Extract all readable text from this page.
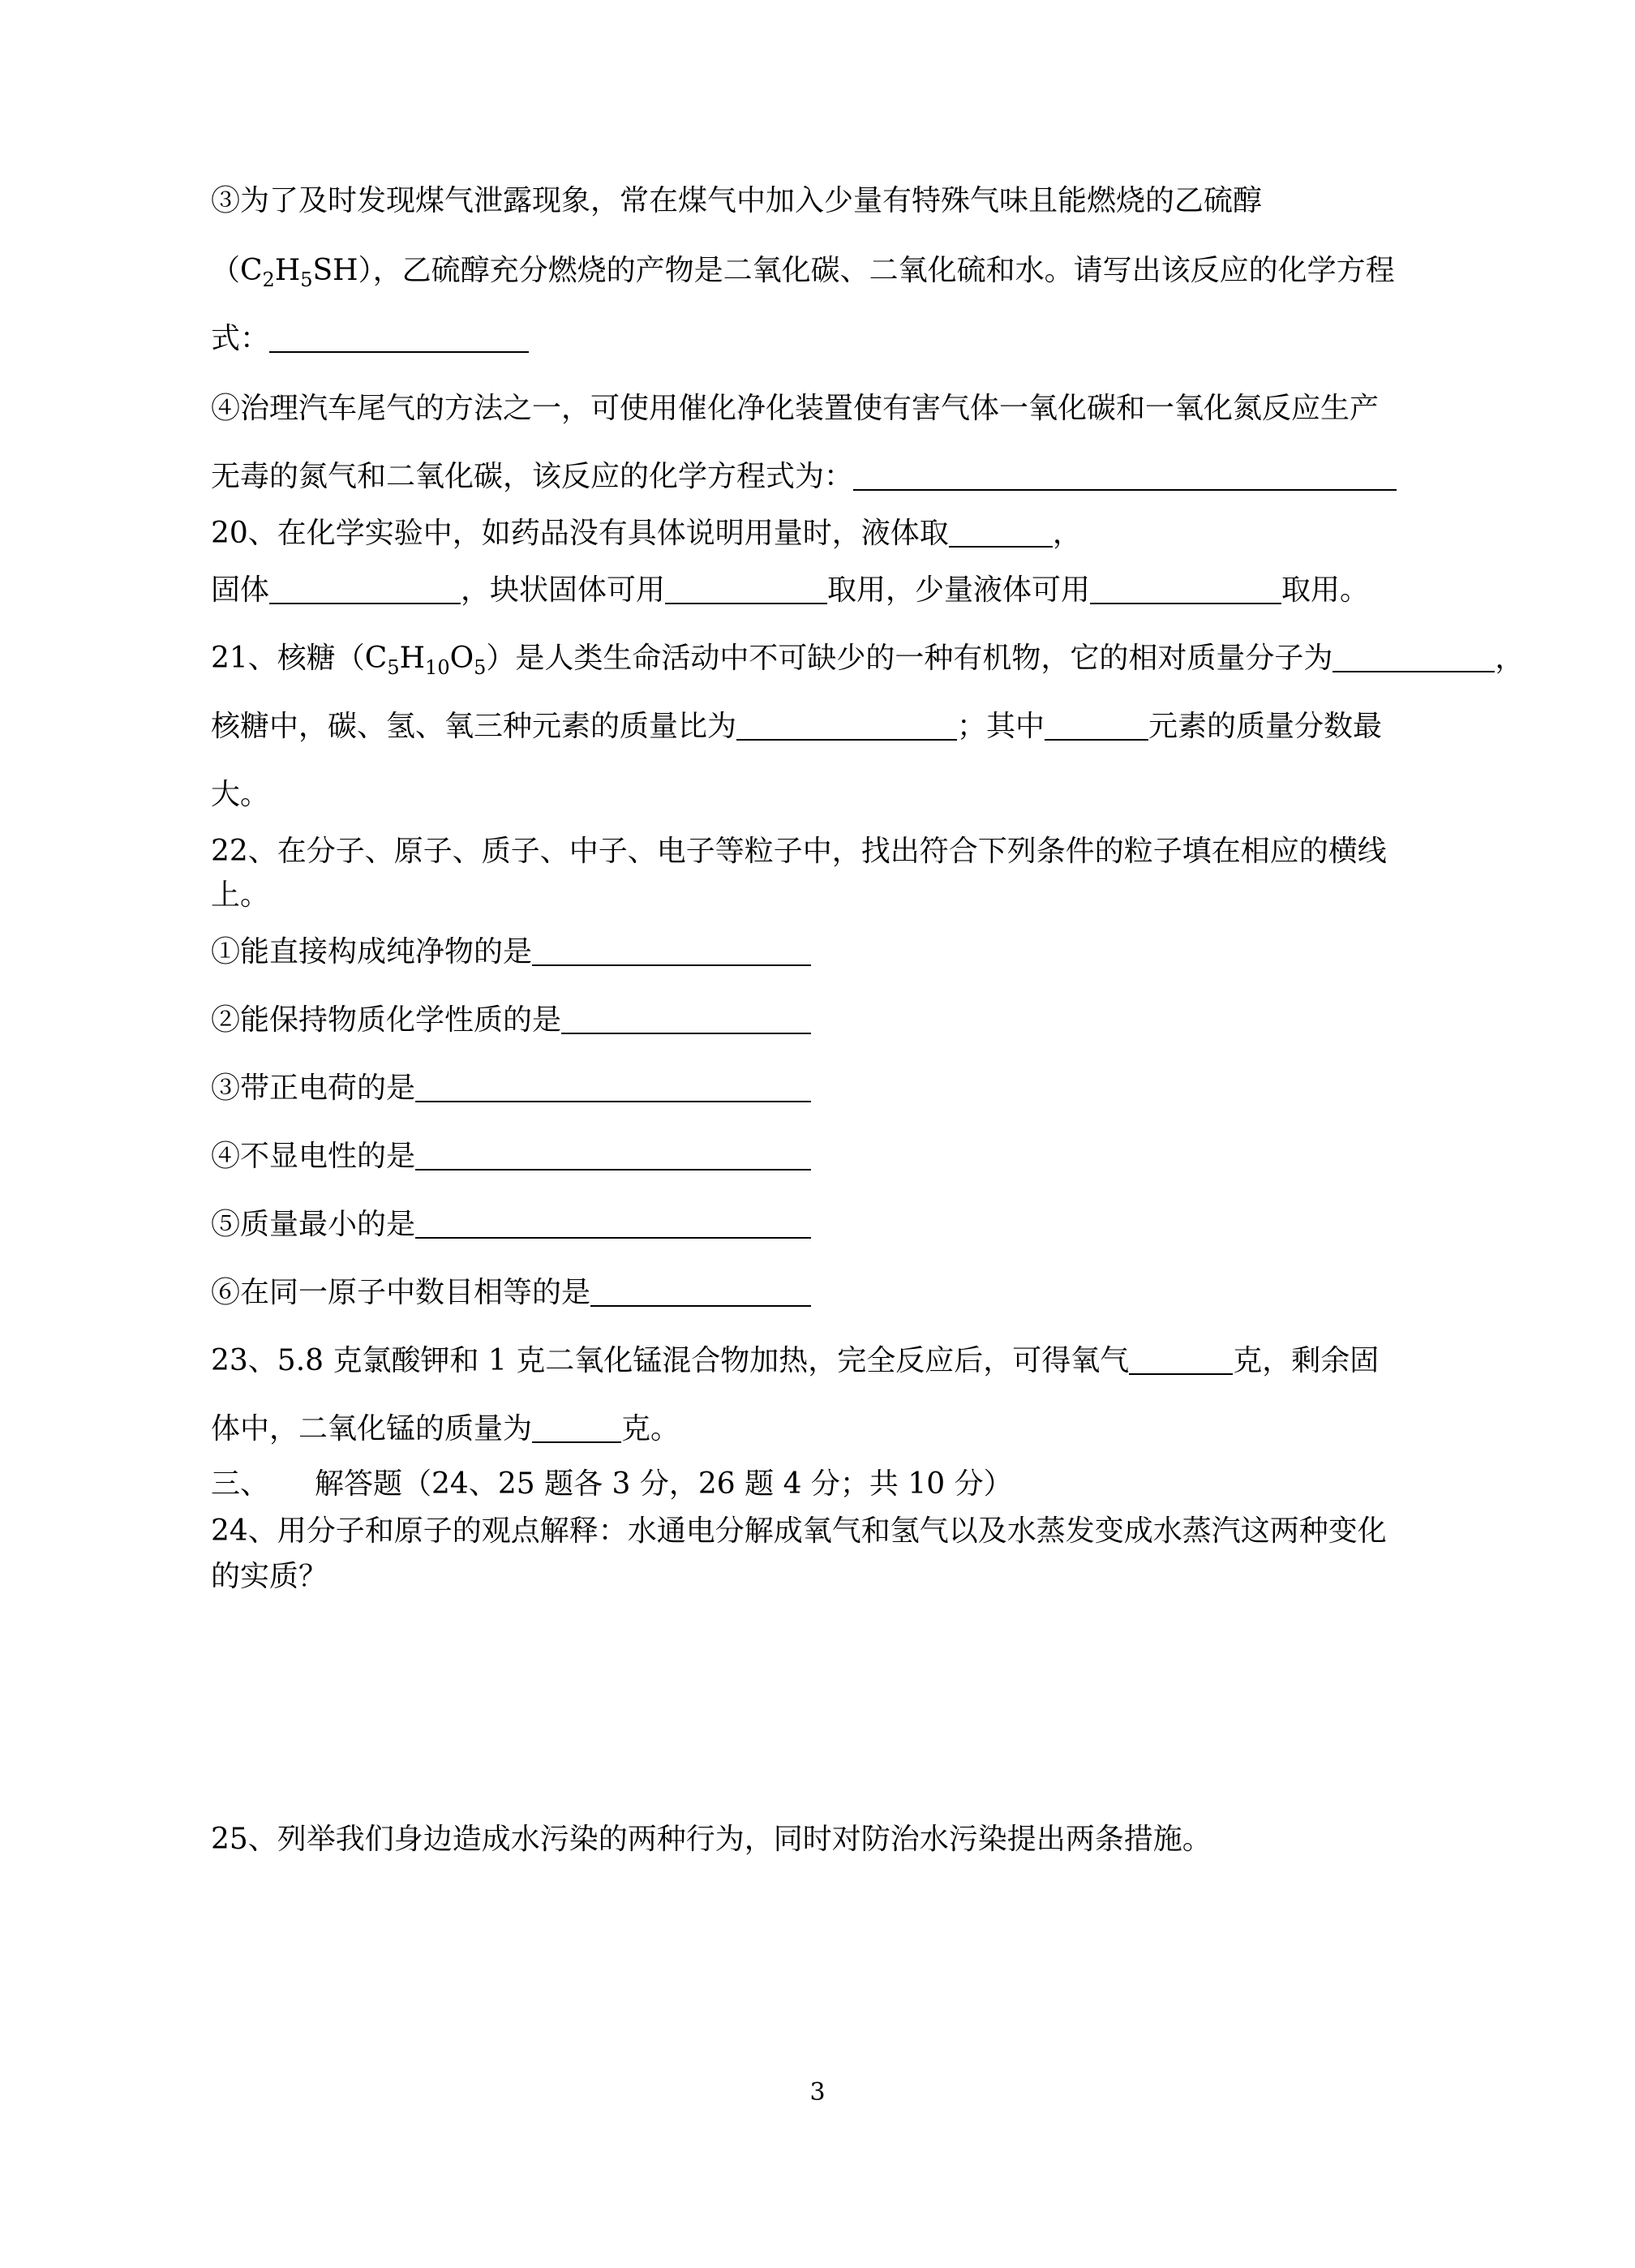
③为了及时发现煤气泄露现象，常在煤气中加入少量有特殊气味且能燃烧的乙硫醇
$(C_2H_5SH)$，乙硫醇充分燃烧的产物是二氧化碳、二氧化硫和水。请写出该反应的化学方程
式：
④治理汽车尾气的方法之一，可使用催化净化装置使有害气体一氧化碳和一氧化氮反应生产
无毒的氮气和二氧化碳，该反应的化学方程式为：
20、在化学实验中，如药品没有具体说明用量时，液体取	，
固体	，块状固体可用	取用，少量液体可用	取用。
21、核糖$(C_5H_{10}O_5)$是人类生命活动中不可缺少的一种有机物，它的相对质量分子为	，
核糖中，碳、氢、氧三种元素的质量比为	；其中	元素的质量分数最
大。
22、在分子、原子、质子、中子、电子等粒子中，找出符合下列条件的粒子填在相应的横线
上。
①能直接构成纯净物的是
②能保持物质化学性质的是
③带正电荷的是
④不显电性的是
⑤质量最小的是
⑥在同一原子中数目相等的是
23、5.8 克氯酸钾和 1 克二氧化锰混合物加热，完全反应后，可得氧气	克，剩余固
体中，二氧化锰的质量为	克。
三、 解答题（24、25 题各 3 分，26 题 4 分；共 10 分）
24、用分子和原子的观点解释：水通电分解成氧气和氢气以及水蒸发变成水蒸汽这两种变化
的实质？
25、列举我们身边造成水污染的两种行为，同时对防治水污染提出两条措施。
3
